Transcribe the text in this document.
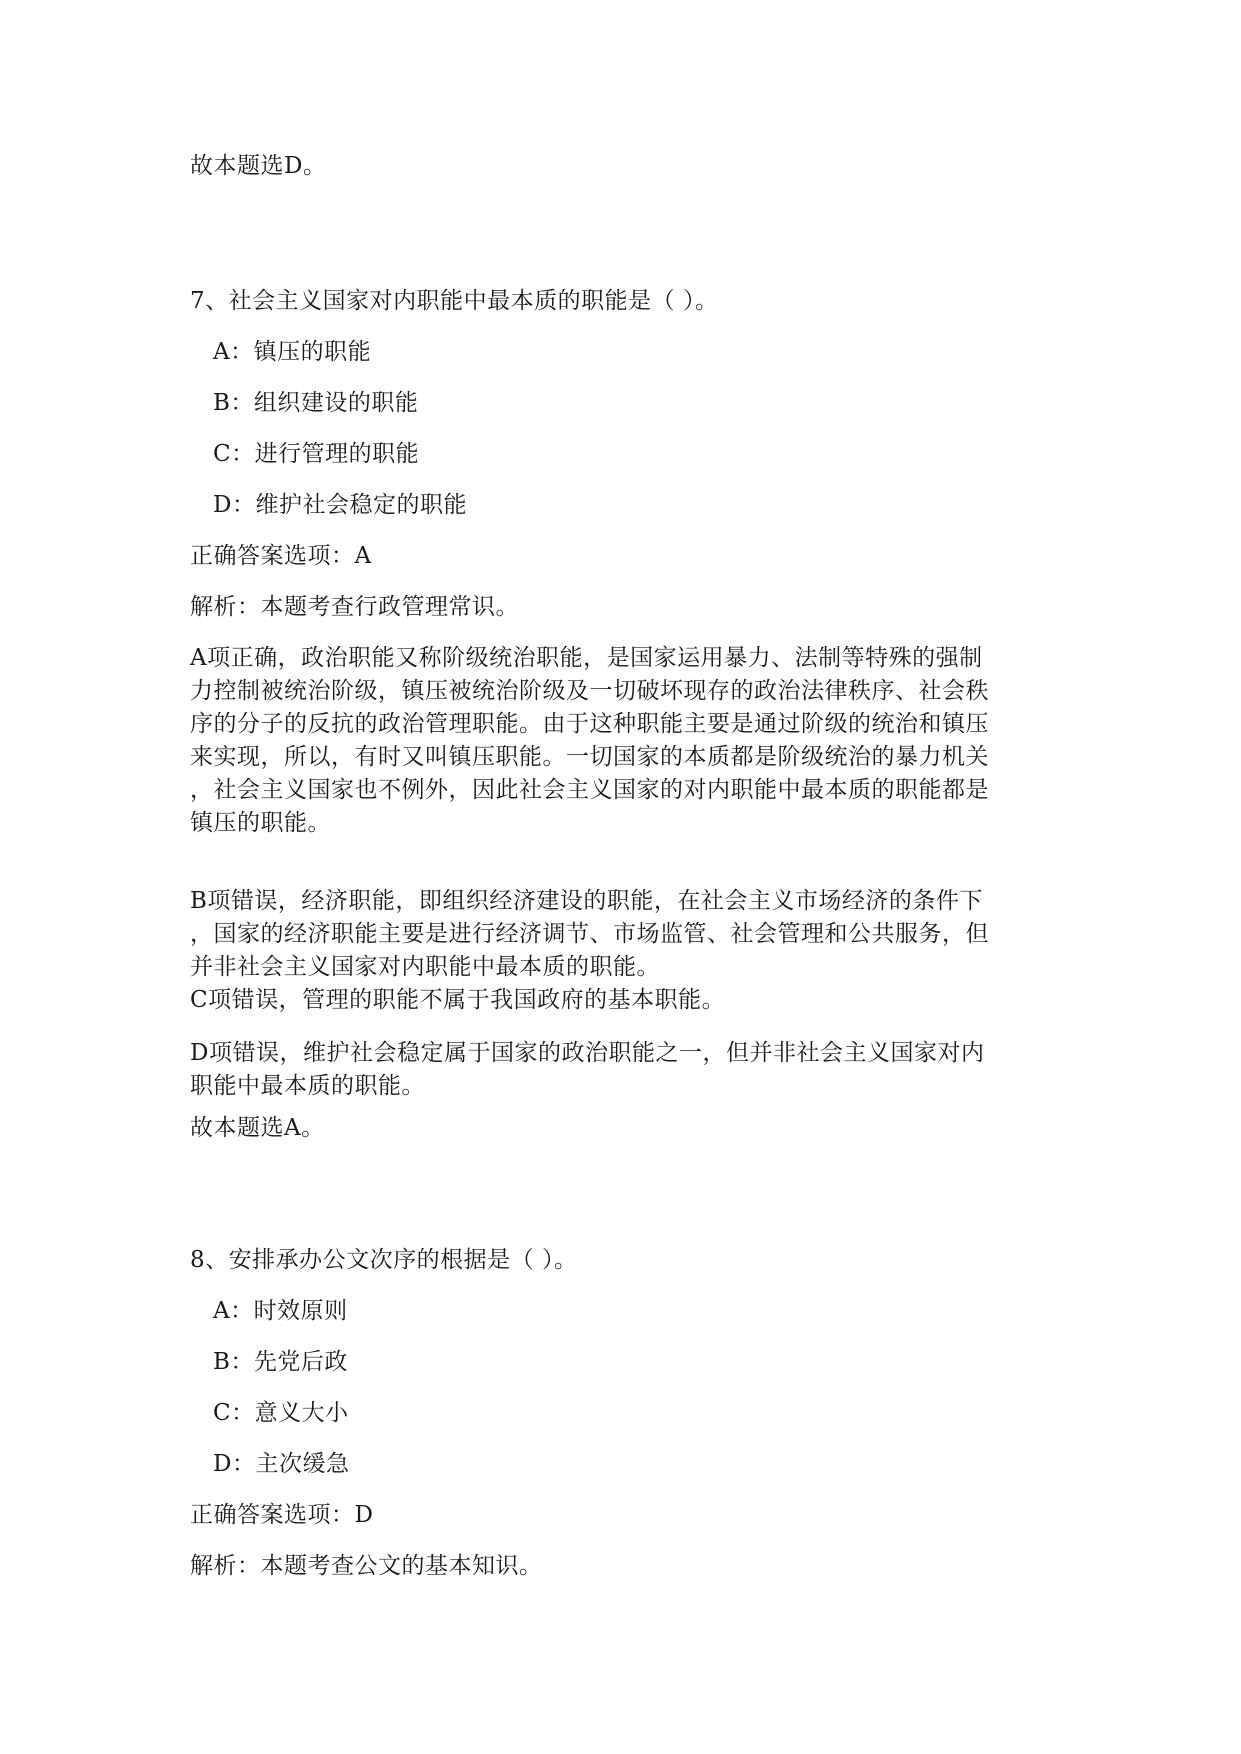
故本题选D。
7、社会主义国家对内职能中最本质的职能是（ ）。
A：镇压的职能
B：组织建设的职能
C：进行管理的职能
D：维护社会稳定的职能
正确答案选项：A
解析：本题考查行政管理常识。
A项正确，政治职能又称阶级统治职能，是国家运用暴力、法制等特殊的强制
力控制被统治阶级，镇压被统治阶级及一切破坏现存的政治法律秩序、社会秩
序的分子的反抗的政治管理职能。由于这种职能主要是通过阶级的统治和镇压
来实现，所以，有时又叫镇压职能。一切国家的本质都是阶级统治的暴力机关
，社会主义国家也不例外，因此社会主义国家的对内职能中最本质的职能都是
镇压的职能。
B项错误，经济职能，即组织经济建设的职能，在社会主义市场经济的条件下
，国家的经济职能主要是进行经济调节、市场监管、社会管理和公共服务，但
并非社会主义国家对内职能中最本质的职能。
C项错误，管理的职能不属于我国政府的基本职能。
D项错误，维护社会稳定属于国家的政治职能之一，但并非社会主义国家对内
职能中最本质的职能。
故本题选A。
8、安排承办公文次序的根据是（ ）。
A：时效原则
B：先党后政
C：意义大小
D：主次缓急
正确答案选项：D
解析：本题考查公文的基本知识。
